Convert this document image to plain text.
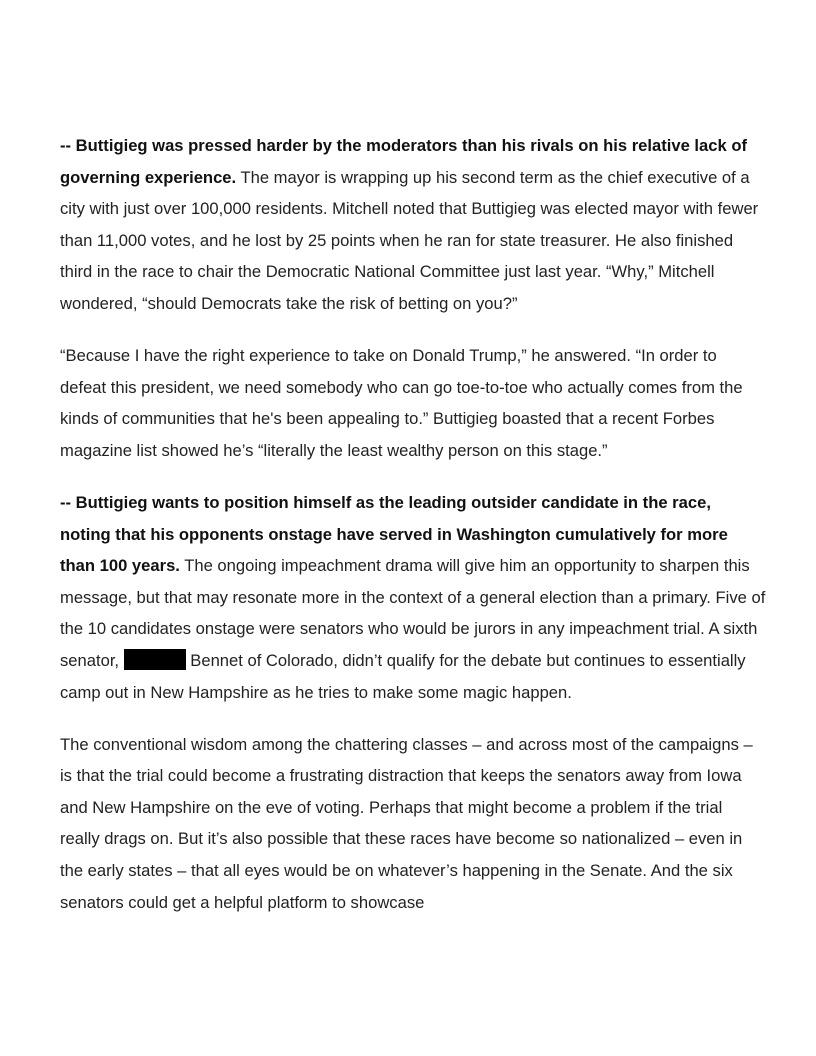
-- Buttigieg was pressed harder by the moderators than his rivals on his relative lack of governing experience. The mayor is wrapping up his second term as the chief executive of a city with just over 100,000 residents. Mitchell noted that Buttigieg was elected mayor with fewer than 11,000 votes, and he lost by 25 points when he ran for state treasurer. He also finished third in the race to chair the Democratic National Committee just last year. “Why,” Mitchell wondered, “should Democrats take the risk of betting on you?”

“Because I have the right experience to take on Donald Trump,” he answered. “In order to defeat this president, we need somebody who can go toe-to-toe who actually comes from the kinds of communities that he's been appealing to.” Buttigieg boasted that a recent Forbes magazine list showed he’s “literally the least wealthy person on this stage.”

-- Buttigieg wants to position himself as the leading outsider candidate in the race, noting that his opponents onstage have served in Washington cumulatively for more than 100 years. The ongoing impeachment drama will give him an opportunity to sharpen this message, but that may resonate more in the context of a general election than a primary. Five of the 10 candidates onstage were senators who would be jurors in any impeachment trial. A sixth senator,	Bennet of Colorado, didn’t qualify for the debate but continues to essentially camp out in New Hampshire as he tries to make some magic happen.

The conventional wisdom among the chattering classes – and across most of the campaigns – is that the trial could become a frustrating distraction that keeps the senators away from Iowa and New Hampshire on the eve of voting. Perhaps that might become a problem if the trial really drags on. But it’s also possible that these races have become so nationalized – even in the early states – that all eyes would be on whatever’s happening in the Senate. And the six senators could get a helpful platform to showcase
